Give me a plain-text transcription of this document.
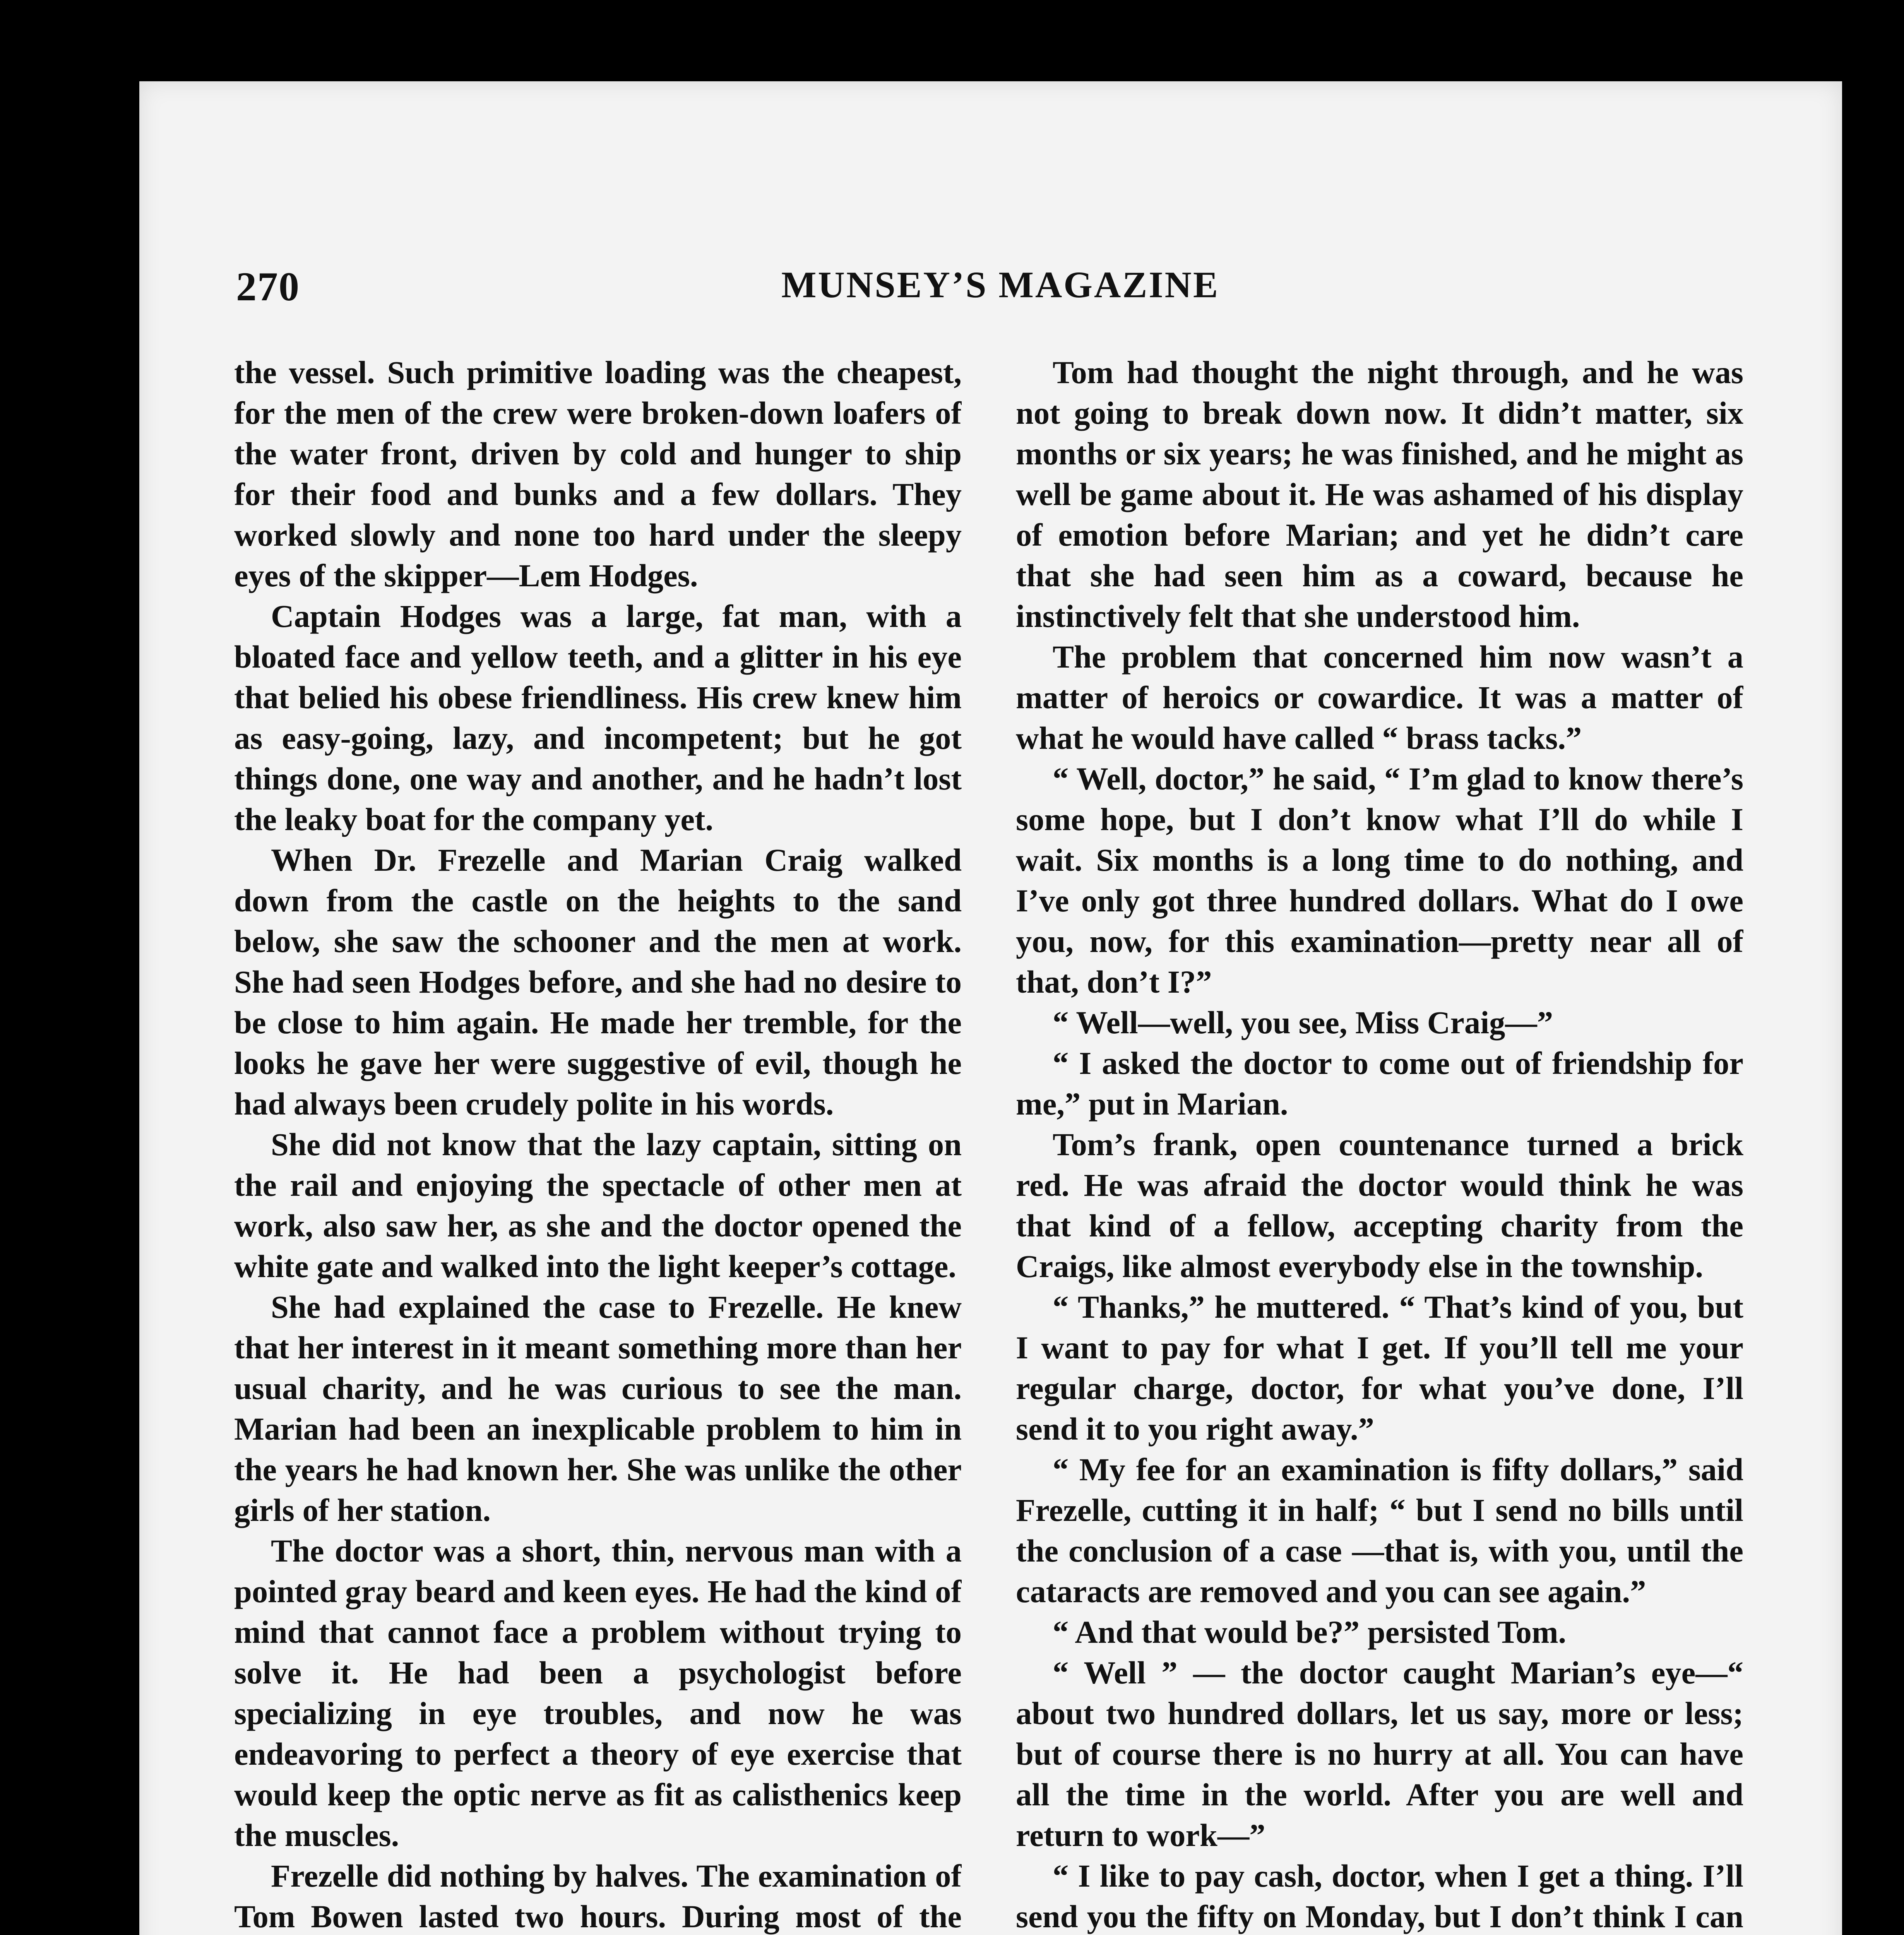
MUNSEY’S MAGAZINE
270

the vessel. Such primitive loading was the cheapest, for the men of the crew were broken-down loafers of the water front, driven by cold and hunger to ship for their food and bunks and a few dollars. They worked slowly and none too hard under the sleepy eyes of the skipper—Lem Hodges.

Captain Hodges was a large, fat man, with a bloated face and yellow teeth, and a glitter in his eye that belied his obese friendliness. His crew knew him as easy-going, lazy, and incompetent; but he got things done, one way and another, and he hadn’t lost the leaky boat for the company yet.

When Dr. Frezelle and Marian Craig walked down from the castle on the heights to the sand below, she saw the schooner and the men at work. She had seen Hodges before, and she had no desire to be close to him again. He made her tremble, for the looks he gave her were suggestive of evil, though he had always been crudely polite in his words.

She did not know that the lazy captain, sitting on the rail and enjoying the spectacle of other men at work, also saw her, as she and the doctor opened the white gate and walked into the light keeper’s cottage.

She had explained the case to Frezelle. He knew that her interest in it meant something more than her usual charity, and he was curious to see the man. Marian had been an inexplicable problem to him in the years he had known her. She was unlike the other girls of her station.

The doctor was a short, thin, nervous man with a pointed gray beard and keen eyes. He had the kind of mind that cannot face a problem without trying to solve it. He had been a psychologist before specializing in eye troubles, and now he was endeavoring to perfect a theory of eye exercise that would keep the optic nerve as fit as calisthenics keep the muscles.

Frezelle did nothing by halves. The examination of Tom Bowen lasted two hours. During most of the

Tom had thought the night through, and he was not going to break down now. It didn’t matter, six months or six years; he was finished, and he might as well be game about it. He was ashamed of his display of emotion before Marian; and yet he didn’t care that she had seen him as a coward, because he instinctively felt that she understood him.

The problem that concerned him now wasn’t a matter of heroics or cowardice. It was a matter of what he would have called “ brass tacks.”

“ Well, doctor,” he said, “ I’m glad to know there’s some hope, but I don’t know what I’ll do while I wait. Six months is a long time to do nothing, and I’ve only got three hundred dollars. What do I owe you, now, for this examination—pretty near all of that, don’t I?”

“ Well—well, you see, Miss Craig—”

“ I asked the doctor to come out of friendship for me,” put in Marian.

Tom’s frank, open countenance turned a brick red. He was afraid the doctor would think he was that kind of a fellow, accepting charity from the Craigs, like almost everybody else in the township.

“ Thanks,” he muttered. “ That’s kind of you, but I want to pay for what I get. If you’ll tell me your regular charge, doctor, for what you’ve done, I’ll send it to you right away.”

“ My fee for an examination is fifty dollars,” said Frezelle, cutting it in half; “ but I send no bills until the conclusion of a case —that is, with you, until the cataracts are removed and you can see again.”

“ And that would be?” persisted Tom.

“ Well ” — the doctor caught Marian’s eye—“ about two hundred dollars, let us say, more or less; but of course there is no hurry at all. You can have all the time in the world. After you are well and return to work—”

“ I like to pay cash, doctor, when I get a thing. I’ll send you the fifty on Monday, but I don’t think I can
